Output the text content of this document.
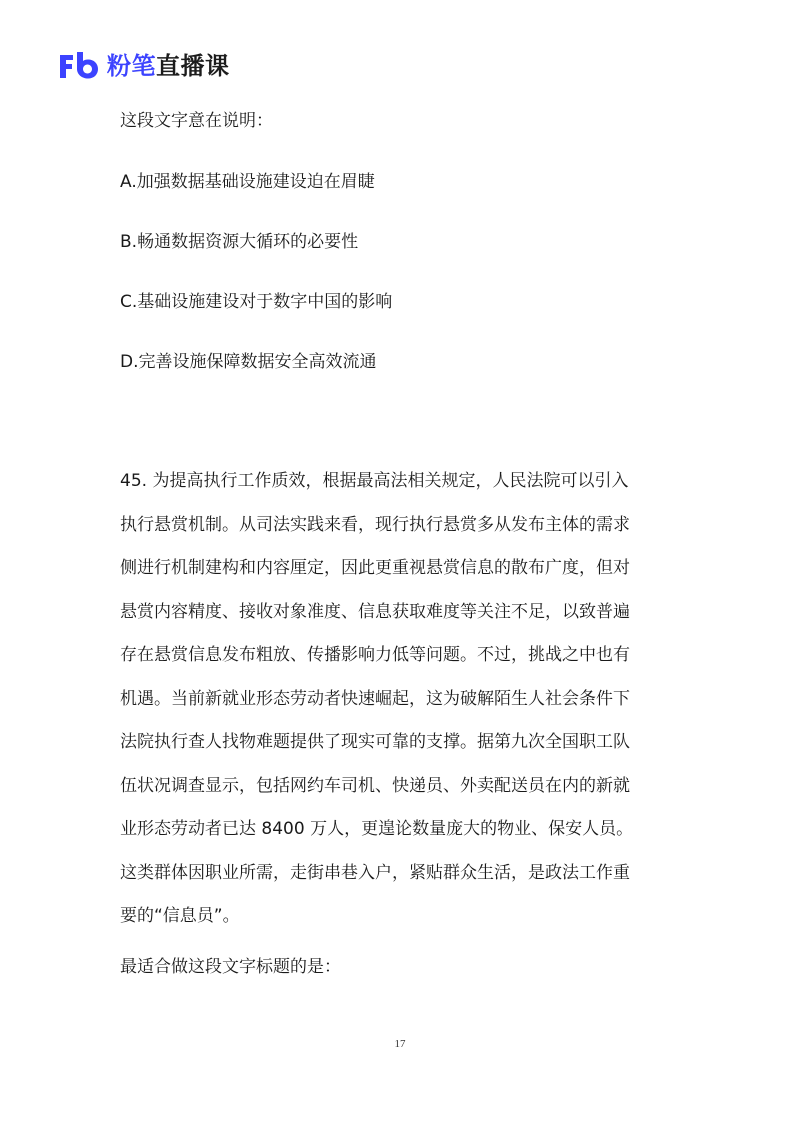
粉笔直播课
这段文字意在说明：
A.加强数据基础设施建设迫在眉睫
B.畅通数据资源大循环的必要性
C.基础设施建设对于数字中国的影响
D.完善设施保障数据安全高效流通
45. 为提高执行工作质效，根据最高法相关规定，人民法院可以引入
执行悬赏机制。从司法实践来看，现行执行悬赏多从发布主体的需求
侧进行机制建构和内容厘定，因此更重视悬赏信息的散布广度，但对
悬赏内容精度、接收对象准度、信息获取难度等关注不足，以致普遍
存在悬赏信息发布粗放、传播影响力低等问题。不过，挑战之中也有
机遇。当前新就业形态劳动者快速崛起，这为破解陌生人社会条件下
法院执行查人找物难题提供了现实可靠的支撑。据第九次全国职工队
伍状况调查显示，包括网约车司机、快递员、外卖配送员在内的新就
业形态劳动者已达 8400 万人，更遑论数量庞大的物业、保安人员。
这类群体因职业所需，走街串巷入户，紧贴群众生活，是政法工作重
要的“信息员”。
最适合做这段文字标题的是：
17
